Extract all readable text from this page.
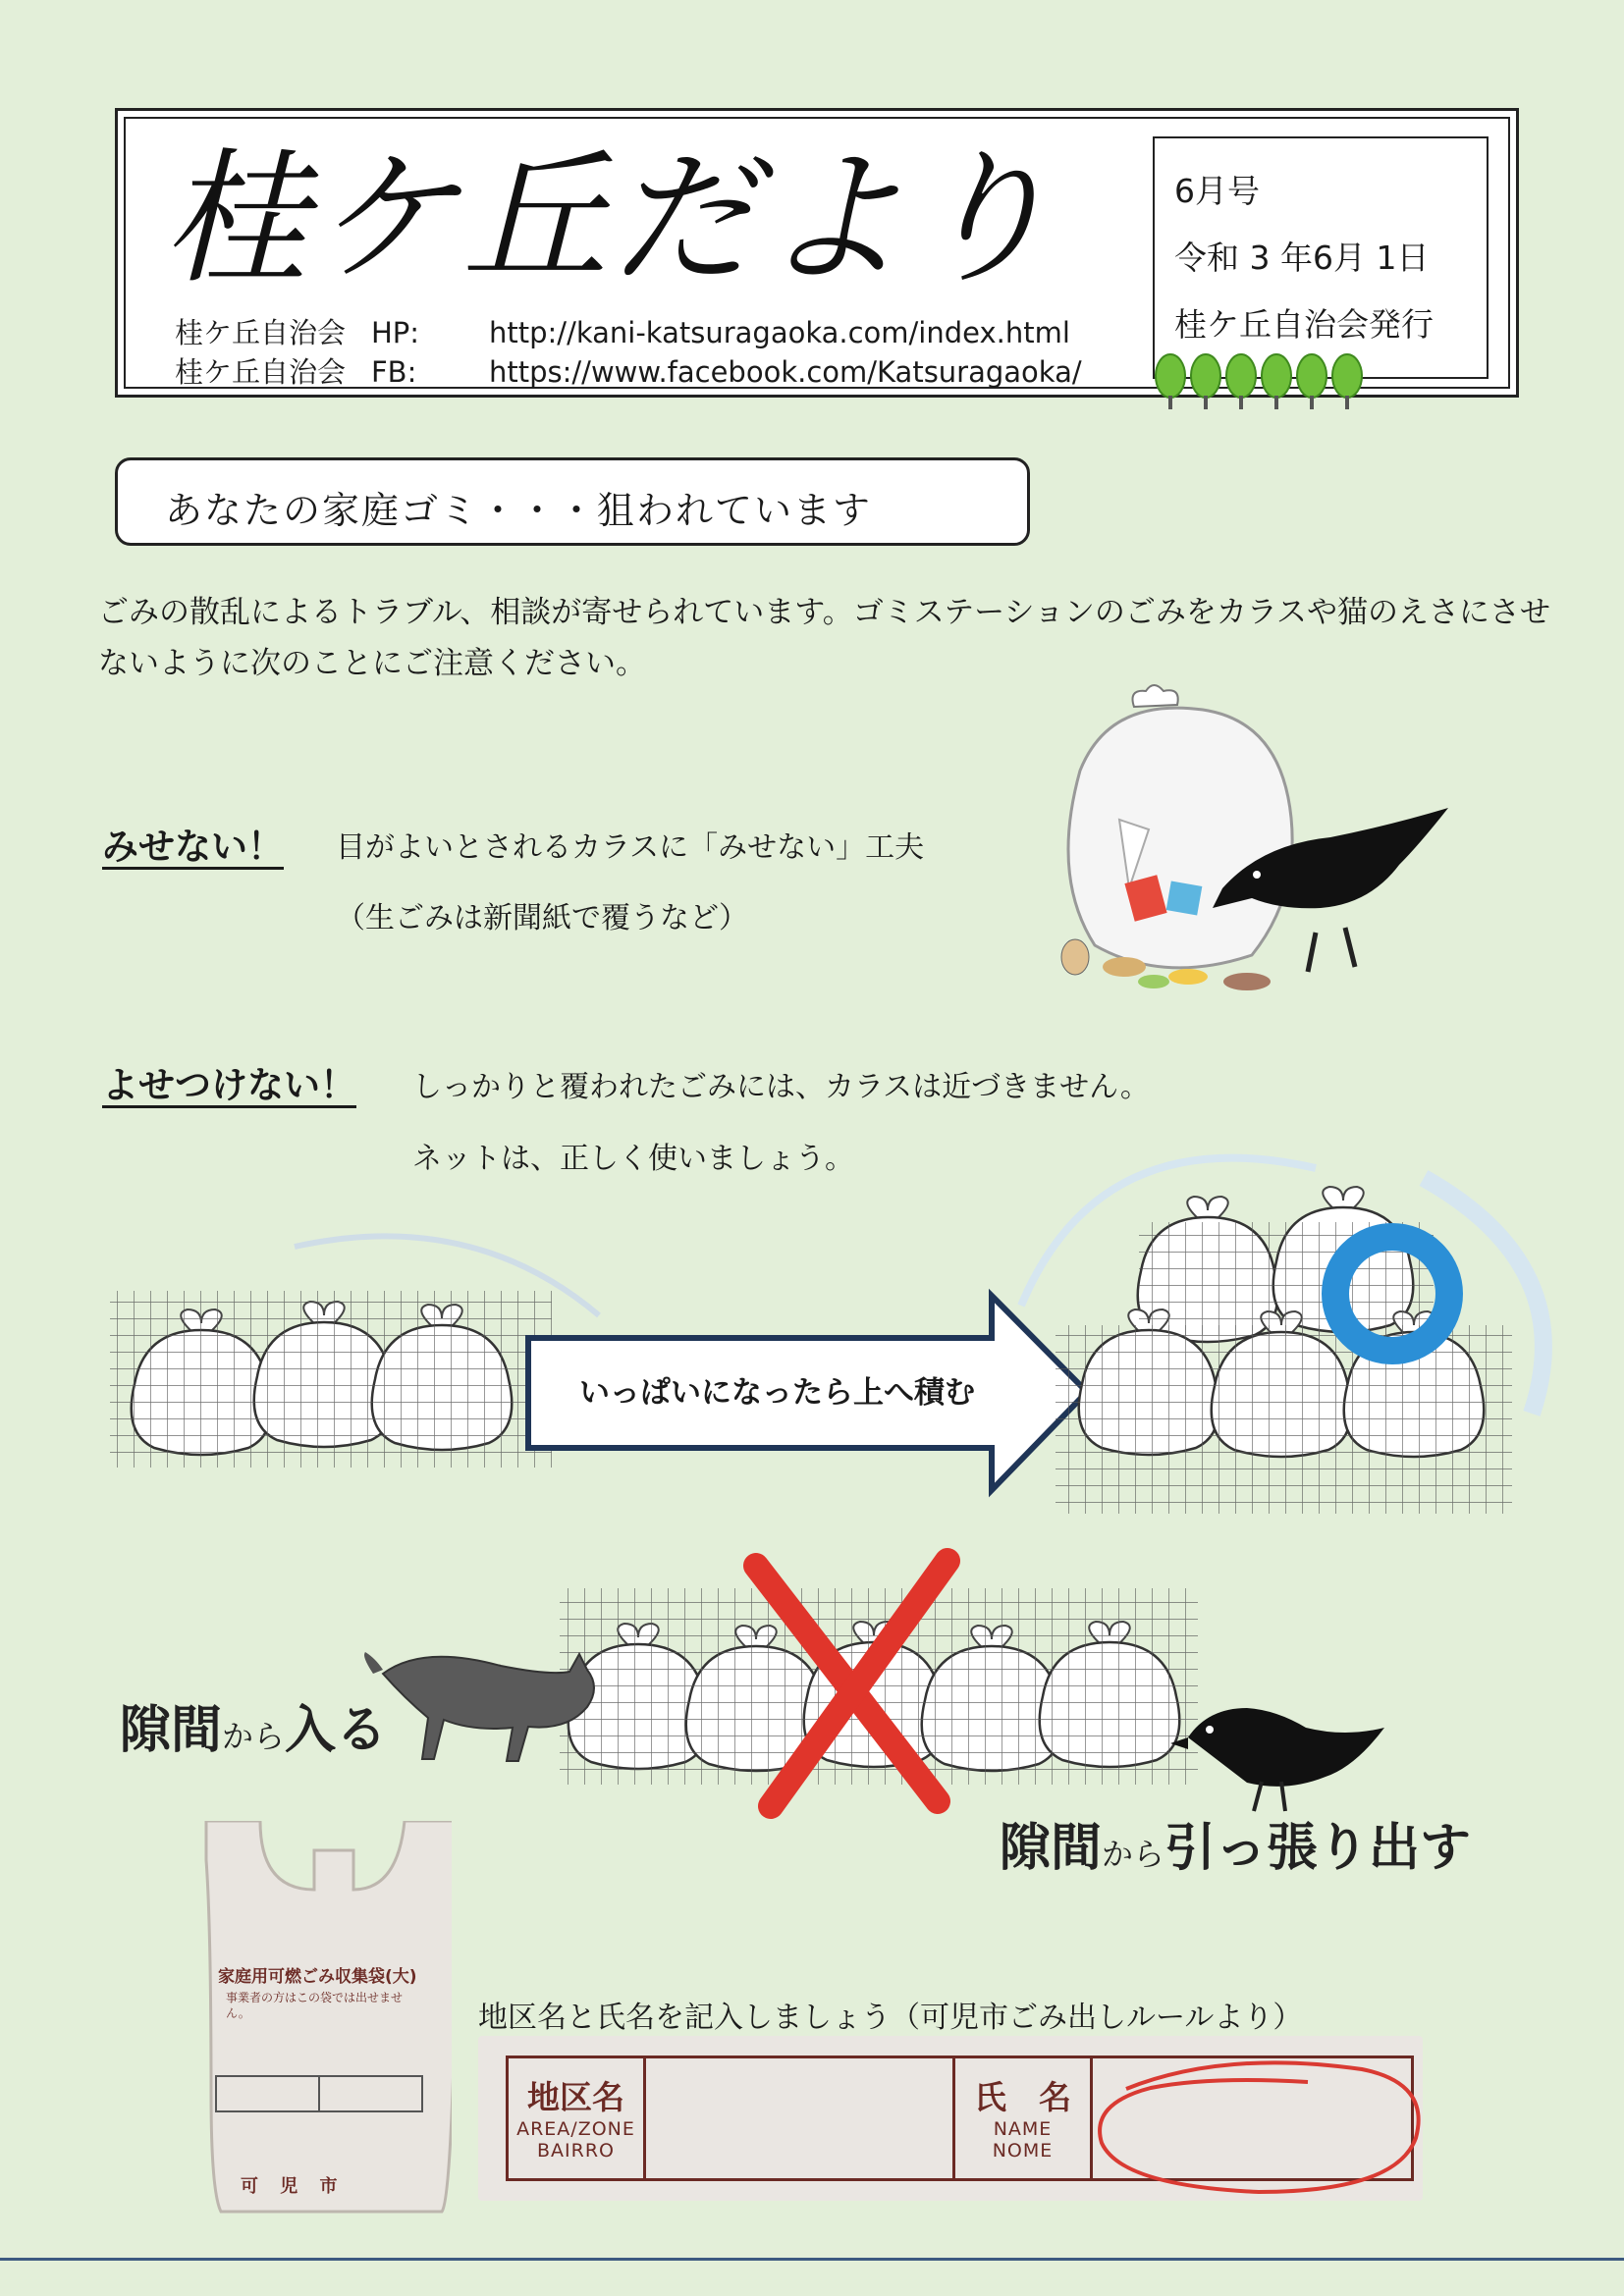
桂ケ丘だより
桂ケ丘自治会 HP:	http://kani-katsuragaoka.com/index.html
桂ケ丘自治会 FB:	https://www.facebook.com/Katsuragaoka/
6月号
令和 3 年6月 1日
桂ケ丘自治会発行
あなたの家庭ゴミ・・・狙われています
ごみの散乱によるトラブル、相談が寄せられています。ゴミステーションのごみをカラスや猫のえさにさせないように次のことにご注意ください。
みせない！ 目がよいとされるカラスに「みせない」工夫
（生ごみは新聞紙で覆うなど）
よせつけない！ しっかりと覆われたごみには、カラスは近づきません。
ネットは、正しく使いましょう。
いっぱいになったら上へ積む
隙間から入る
隙間から引っ張り出す
家庭用可燃ごみ収集袋(大)
事業者の方はこの袋では出せません。
可 児 市
地区名と氏名を記入しましょう（可児市ごみ出しルールより）
地区名
AREA/ZONE
BAIRRO
氏　名
NAME
NOME
